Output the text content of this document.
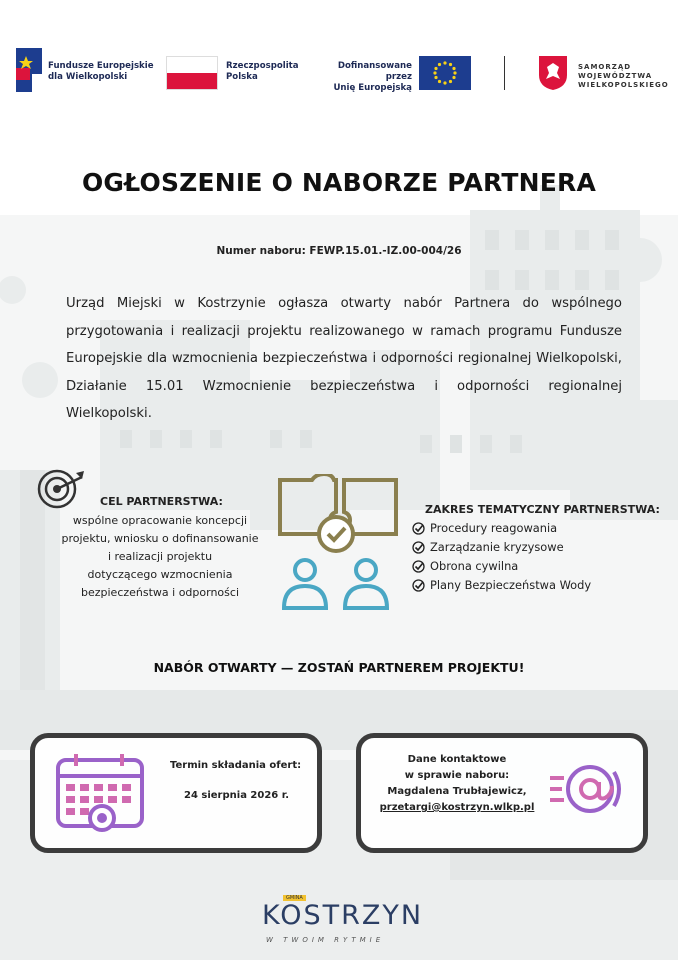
Fundusze Europejskie
dla Wielkopolski
Rzeczpospolita
Polska
Dofinansowane przez
Unię Europejską
SAMORZĄD
WOJEWÓDZTWA
WIELKOPOLSKIEGO
OGŁOSZENIE O NABORZE PARTNERA
Numer naboru: FEWP.15.01.-IZ.00-004/26

Urząd Miejski w Kostrzynie ogłasza otwarty nabór Partnera do wspólnego przygotowania i realizacji projektu realizowanego w ramach programu Fundusze Europejskie dla wzmocnienia bezpieczeństwa i odporności regionalnej Wielkopolski, Działanie 15.01 Wzmocnienie bezpieczeństwa i odporności regionalnej Wielkopolski.

CEL PARTNERSTWA:
wspólne opracowanie koncepcji
projektu, wniosku o dofinansowanie
i realizacji projektu
dotyczącego wzmocnienia
bezpieczeństwa i odporności
ZAKRES TEMATYCZNY PARTNERSTWA:
Procedury reagowania
Zarządzanie kryzysowe
Obrona cywilna
Plany Bezpieczeństwa Wody
NABÓR OTWARTY — ZOSTAŃ PARTNEREM PROJEKTU!
Termin składania ofert:
24 sierpnia 2026 r.
Dane kontaktowe
w sprawie naboru:
Magdalena Trubłajewicz,
przetargi@kostrzyn.wlkp.pl
GMINA
KOSTRZYN
W TWOIM RYTMIE
